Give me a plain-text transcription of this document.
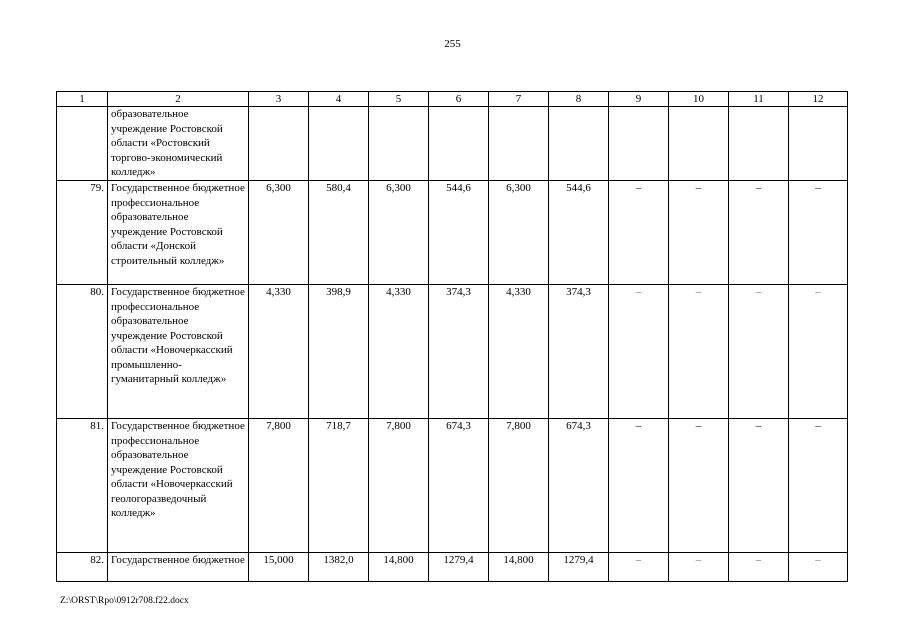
255
1	2	3	4	5	6	7	8	9	10	11	12
	образовательное учреждение Ростовской области «Ростовский торгово-экономический колледж»										
79.	Государственное бюджетное профессиональное образовательное учреждение Ростовской области «Донской строительный колледж»	6,300	580,4	6,300	544,6	6,300	544,6	–	–	–	–
80.	Государственное бюджетное профессиональное образовательное учреждение Ростовской области «Новочеркасский промышленно-гуманитарный колледж»	4,330	398,9	4,330	374,3	4,330	374,3	–	–	–	–
81.	Государственное бюджетное профессиональное образовательное учреждение Ростовской области «Новочеркасский геологоразведочный колледж»	7,800	718,7	7,800	674,3	7,800	674,3	–	–	–	–
82.	Государственное бюджетное	15,000	1382,0	14,800	1279,4	14,800	1279,4	–	–	–	–
Z:\ORST\Rpo\0912r708.f22.docx
